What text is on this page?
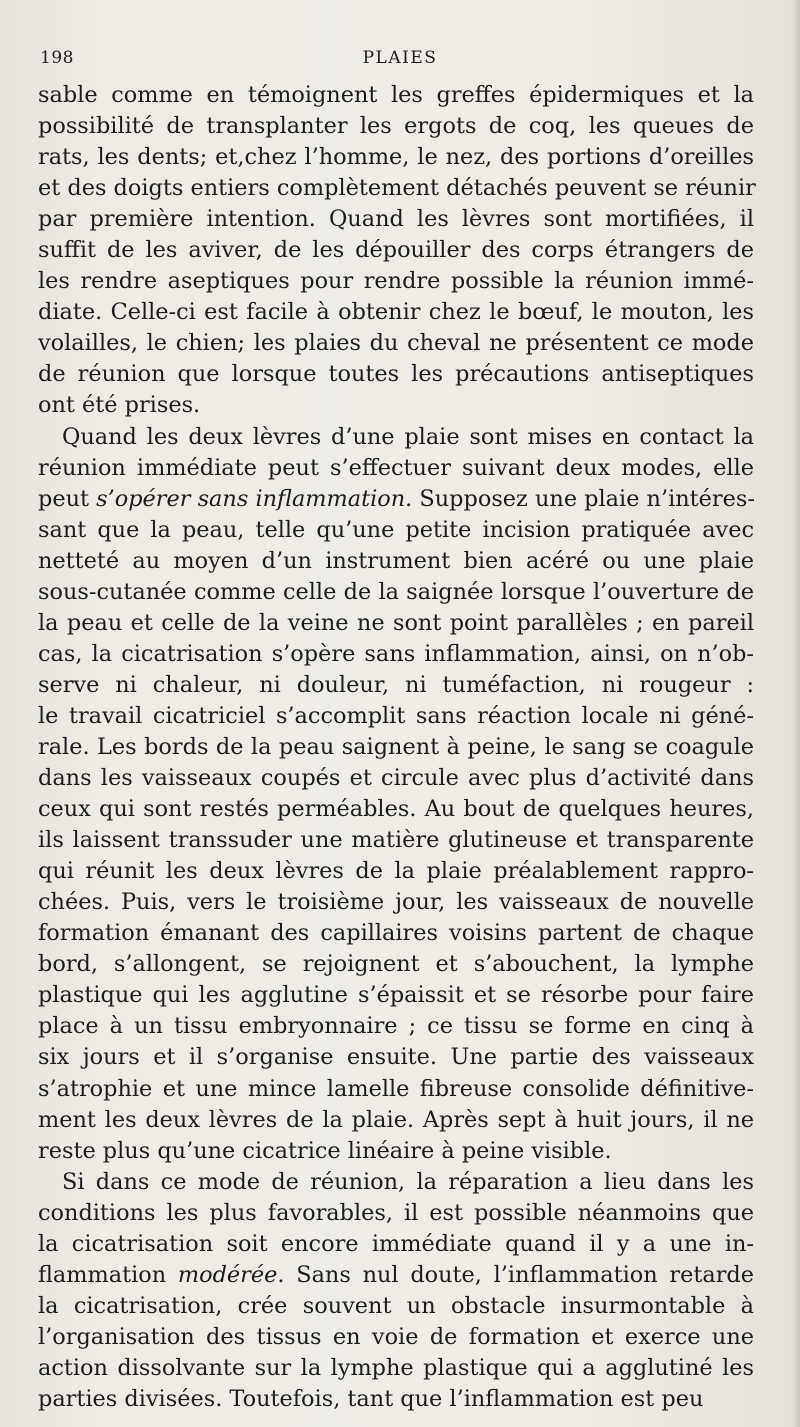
198	PLAIES
sable comme en témoignent les greffes épidermiques et la
possibilité de transplanter les ergots de coq, les queues de
rats, les dents; et,chez l’homme, le nez, des portions d’oreilles
et des doigts entiers complètement détachés peuvent se réunir
par première intention. Quand les lèvres sont mortifiées, il
suffit de les aviver, de les dépouiller des corps étrangers de
les rendre aseptiques pour rendre possible la réunion immé-
diate. Celle-ci est facile à obtenir chez le bœuf, le mouton, les
volailles, le chien; les plaies du cheval ne présentent ce mode
de réunion que lorsque toutes les précautions antiseptiques
ont été prises.
Quand les deux lèvres d’une plaie sont mises en contact la
réunion immédiate peut s’effectuer suivant deux modes, elle
peut s’opérer sans inflammation. Supposez une plaie n’intéres-
sant que la peau, telle qu’une petite incision pratiquée avec
netteté au moyen d’un instrument bien acéré ou une plaie
sous-cutanée comme celle de la saignée lorsque l’ouverture de
la peau et celle de la veine ne sont point parallèles ; en pareil
cas, la cicatrisation s’opère sans inflammation, ainsi, on n’ob-
serve ni chaleur, ni douleur, ni tuméfaction, ni rougeur :
le travail cicatriciel s’accomplit sans réaction locale ni géné-
rale. Les bords de la peau saignent à peine, le sang se coagule
dans les vaisseaux coupés et circule avec plus d’activité dans
ceux qui sont restés perméables. Au bout de quelques heures,
ils laissent transsuder une matière glutineuse et transparente
qui réunit les deux lèvres de la plaie préalablement rappro-
chées. Puis, vers le troisième jour, les vaisseaux de nouvelle
formation émanant des capillaires voisins partent de chaque
bord, s’allongent, se rejoignent et s’abouchent, la lymphe
plastique qui les agglutine s’épaissit et se résorbe pour faire
place à un tissu embryonnaire ; ce tissu se forme en cinq à
six jours et il s’organise ensuite. Une partie des vaisseaux
s’atrophie et une mince lamelle fibreuse consolide définitive-
ment les deux lèvres de la plaie. Après sept à huit jours, il ne
reste plus qu’une cicatrice linéaire à peine visible.
Si dans ce mode de réunion, la réparation a lieu dans les
conditions les plus favorables, il est possible néanmoins que
la cicatrisation soit encore immédiate quand il y a une in-
flammation modérée. Sans nul doute, l’inflammation retarde
la cicatrisation, crée souvent un obstacle insurmontable à
l’organisation des tissus en voie de formation et exerce une
action dissolvante sur la lymphe plastique qui a agglutiné les
parties divisées. Toutefois, tant que l’inflammation est peu
